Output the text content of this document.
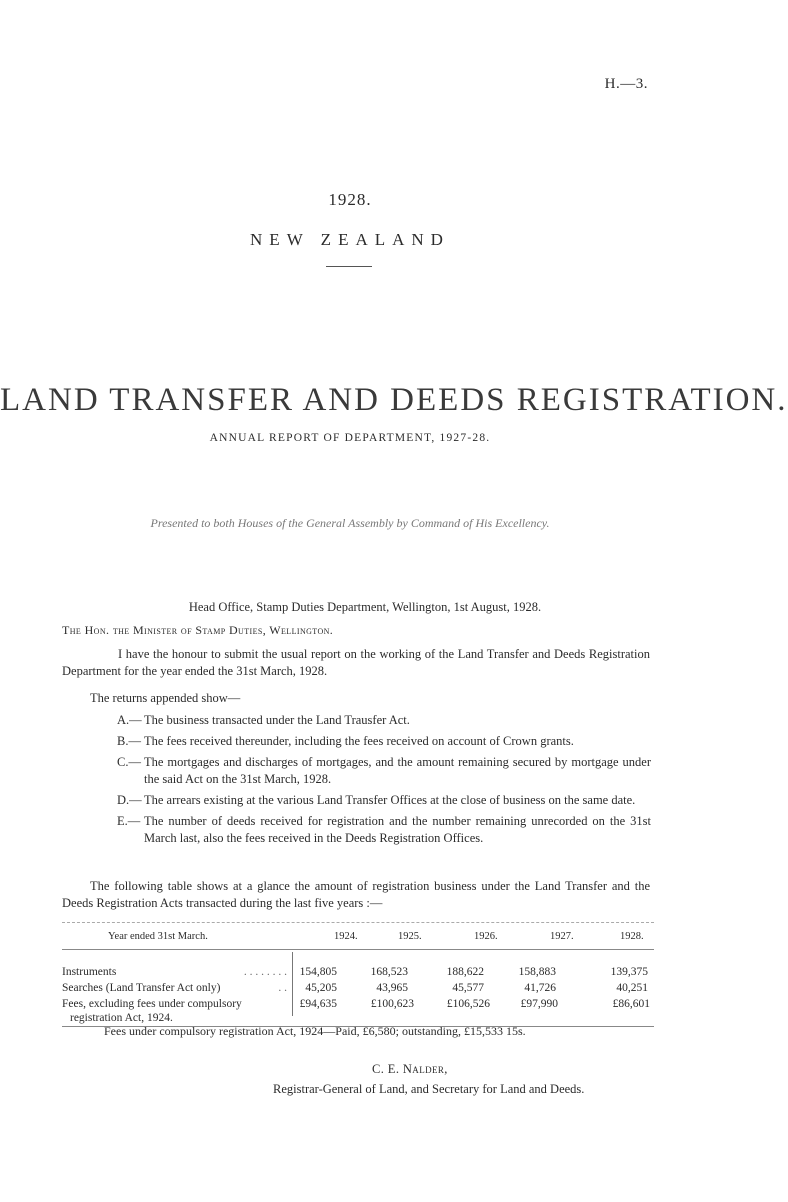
H.—3.
1928.
NEW ZEALAND
LAND TRANSFER AND DEEDS REGISTRATION.
ANNUAL REPORT OF DEPARTMENT, 1927-28.
Presented to both Houses of the General Assembly by Command of His Excellency.
Head Office, Stamp Duties Department, Wellington, 1st August, 1928.
The Hon. the Minister of Stamp Duties, Wellington.
I have the honour to submit the usual report on the working of the Land Transfer and Deeds Registration Department for the year ended the 31st March, 1928.
The returns appended show—
A.— The business transacted under the Land Trausfer Act.
B.— The fees received thereunder, including the fees received on account of Crown grants.
C.— The mortgages and discharges of mortgages, and the amount remaining secured by mortgage under the said Act on the 31st March, 1928.
D.— The arrears existing at the various Land Transfer Offices at the close of business on the same date.
E.— The number of deeds received for registration and the number remaining unrecorded on the 31st March last, also the fees received in the Deeds Registration Offices.
The following table shows at a glance the amount of registration business under the Land Transfer and the Deeds Registration Acts transacted during the last five years :—
Year ended 31st March.	1924.	1925.	1926.	1927.	1928.
. . . . . . . .
Instruments	154,805	168,523	188,622	158,883	139,375
. .
Searches (Land Transfer Act only)	45,205	43,965	45,577	41,726	40,251
Fees, excluding fees under compulsory	£94,635	£100,623	£106,526	£97,990	£86,601
registration Act, 1924.
Fees under compulsory registration Act, 1924—Paid, £6,580; outstanding, £15,533 15s.
C. E. Nalder,
Registrar-General of Land, and Secretary for Land and Deeds.
